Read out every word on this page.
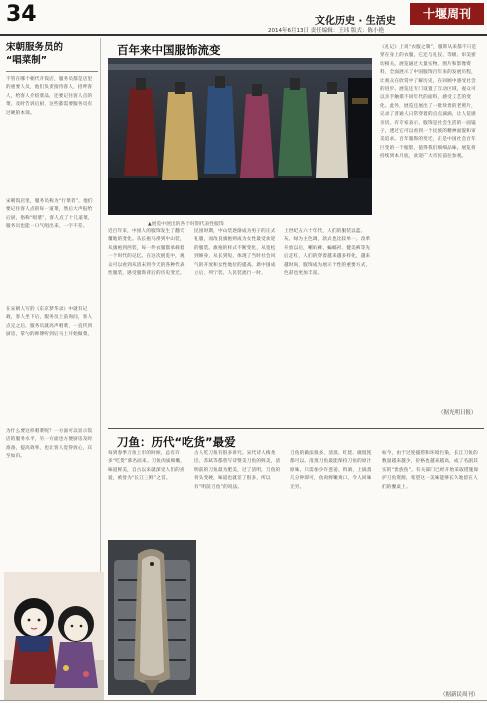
34	文化历史 · 生活史
十堰周刊
2014年6月13日 责任编辑：王玮 版式：陈小艳
宋朝服务员的
“唱菜制”
不管在哪个朝代开饭店，服务员都是店里的重要人员，他们负责接待客人，招呼客人，给客人介绍菜品，还要记住客人点的菜，及时告诉后厨，这些都需要服务员有过硬的本领。
宋朝饭店里，服务员称为“行菜者”，他们要记住客人点的每一道菜，然后大声报给后厨，俗称“唱菜”，客人点了十几道菜，服务员也能一口气唱出来，一字不差。
在宋朝人写的《东京梦华录》中就有记载，客人坐下后，服务员上前询问，客人点完之后，服务员就高声唱菜，一直传到厨房，掌勺的师傅听到后马上开始做菜。
为什么要这样唱菜呢？一方面可以显示饭店的服务水平，另一方面也方便厨房及时准备，提高效率，也让客人觉得放心，宾至如归。
百年来中国服饰流变
▲展览中展出的各个时期代表性服饰
近百年来，中国人的服饰发生了翻天覆地的变化。从长袍马褂到中山装，从旗袍到西装，每一件衣服都承载着一个时代的记忆。在这次展览中，观众可以看到从清末到今天的各种代表性服装，感受服饰背后的历史变迁。
民国时期，中山装逐渐成为男子的正式礼服，而改良旗袍则成为女性最受欢迎的服装。旗袍的样式不断变化，从宽松到修身，从长到短，体现了当时社会风气的开放和女性地位的提高。新中国成立后，列宁装、人民装流行一时。
上世纪五六十年代，人们的服装以蓝、灰、绿为主色调，款式也比较单一。改革开放以后，喇叭裤、蝙蝠衫、健美裤等先后走红，人们的穿着越来越多样化，越来越时尚，服饰成为展示个性的重要方式，色彩也更加丰富。
《礼记》上说“衣服之制”，服饰从来都不只是穿在身上的衣服，它还与礼仪、等级、审美密切相关。展览通过大量实物、图片和影像资料，全面展示了中国服饰百年来的发展历程，让观众在欣赏中了解历史，在回顾中感受社会的进步。展览还专门设置了互动区域，观众可以亲手触摸不同年代的面料，感受工艺的变化。此外，展览还展出了一批珍贵的老照片，记录了普通人日常穿着的点点滴滴，让人倍感亲切。有专家表示，服饰是社会生活的一面镜子，透过它可以看到一个民族的精神面貌和审美追求。百年服饰的变迁，正是中国社会百年巨变的一个缩影，值得我们细细品味。展览将持续到本月底，欢迎广大市民前往参观。
（据光明日报）
刀鱼：历代“吃货”最爱
每到春季刀鱼上市的时候，总有许多“吃货”慕名而来。刀鱼肉质细嫩，味道鲜美，自古以来就深受人们的喜爱，被誉为“长江三鲜”之首。
古人吃刀鱼有很多讲究。宋代诗人梅尧臣、苏轼等都曾写诗赞美刀鱼的鲜美，清明前的刀鱼最为肥美，过了清明，刀鱼的骨头变硬，味道也就差了很多，所以有“明前刀鱼”的说法。
刀鱼的做法很多，清蒸、红烧、做馄饨都可以。清蒸刀鱼最能保持刀鱼的原汁原味，只需加少许葱姜、料酒，上锅蒸几分钟即可，鱼肉鲜嫩爽口，令人回味无穷。
如今，由于过度捕捞和环境污染，长江刀鱼的数量越来越少，价格也越来越高，成了名副其实的“贵族鱼”。有关部门已经开始采取措施保护刀鱼资源，希望这一美味能够长久地留在人们的餐桌上。
（据新民周刊）
